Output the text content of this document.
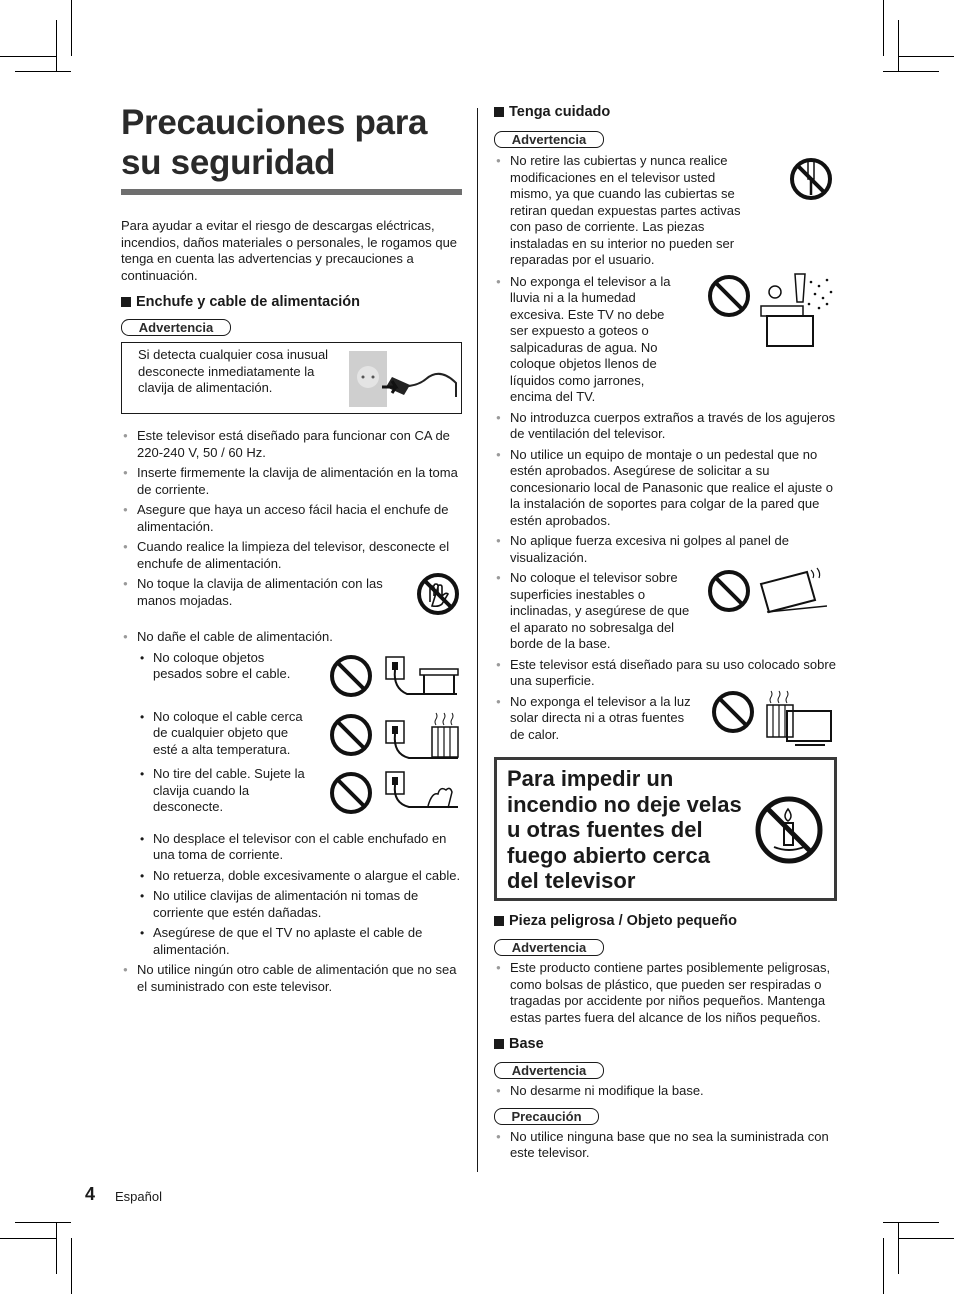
Precauciones para
su seguridad
Para ayudar a evitar el riesgo de descargas eléctricas, incendios, daños materiales o personales, le rogamos que tenga en cuenta las advertencias y precauciones a continuación.
Enchufe y cable de alimentación
Advertencia
Si detecta cualquier cosa inusual desconecte inmediatamente la clavija de alimentación.
● Este televisor está diseñado para funcionar con CA de 220-240 V, 50 / 60 Hz.
● Inserte firmemente la clavija de alimentación en la toma de corriente.
● Asegure que haya un acceso fácil hacia el enchufe de alimentación.
● Cuando realice la limpieza del televisor, desconecte el enchufe de alimentación.
● No toque la clavija de alimentación con las manos mojadas.
● No dañe el cable de alimentación.
• No coloque objetos pesados sobre el cable.
• No coloque el cable cerca de cualquier objeto que esté a alta temperatura.
• No tire del cable. Sujete la clavija cuando la desconecte.
• No desplace el televisor con el cable enchufado en una toma de corriente.
• No retuerza, doble excesivamente o alargue el cable.
• No utilice clavijas de alimentación ni tomas de corriente que estén dañadas.
• Asegúrese de que el TV no aplaste el cable de alimentación.
● No utilice ningún otro cable de alimentación que no sea el suministrado con este televisor.
Tenga cuidado
Advertencia
● No retire las cubiertas y nunca realice modificaciones en el televisor usted mismo, ya que cuando las cubiertas se retiran quedan expuestas partes activas con paso de corriente. Las piezas instaladas en su interior no pueden ser reparadas por el usuario.
● No exponga el televisor a la lluvia ni a la humedad excesiva. Este TV no debe ser expuesto a goteos o salpicaduras de agua. No coloque objetos llenos de líquidos como jarrones, encima del TV.
● No introduzca cuerpos extraños a través de los agujeros de ventilación del televisor.
● No utilice un equipo de montaje o un pedestal que no estén aprobados. Asegúrese de solicitar a su concesionario local de Panasonic que realice el ajuste o la instalación de soportes para colgar de la pared que estén aprobados.
● No aplique fuerza excesiva ni golpes al panel de visualización.
● No coloque el televisor sobre superficies inestables o inclinadas, y asegúrese de que el aparato no sobresalga del borde de la base.
● Este televisor está diseñado para su uso colocado sobre una superficie.
● No exponga el televisor a la luz solar directa ni a otras fuentes de calor.
Para impedir un incendio no deje velas u otras fuentes del fuego abierto cerca del televisor
Pieza peligrosa / Objeto pequeño
Advertencia
● Este producto contiene partes posiblemente peligrosas, como bolsas de plástico, que pueden ser respiradas o tragadas por accidente por niños pequeños. Mantenga estas partes fuera del alcance de los niños pequeños.
Base
Advertencia
● No desarme ni modifique la base.
Precaución
● No utilice ninguna base que no sea la suministrada con este televisor.
4 Español
